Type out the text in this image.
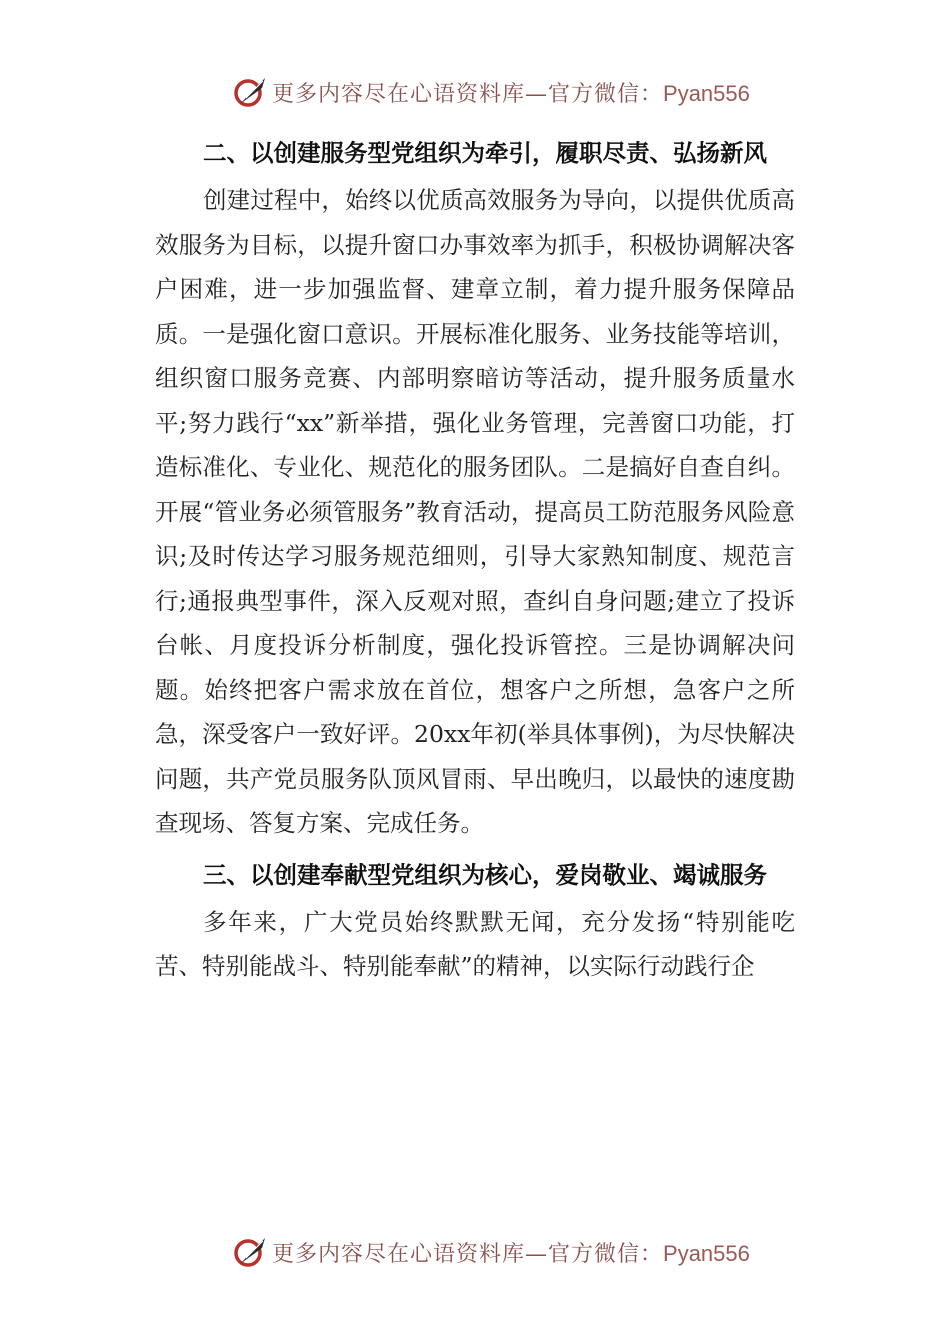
更多内容尽在心语资料库—官方微信：Pyan556
二、以创建服务型党组织为牵引，履职尽责、弘扬新风

创建过程中，始终以优质高效服务为导向，以提供优质高效服务为目标，以提升窗口办事效率为抓手，积极协调解决客户困难，进一步加强监督、建章立制，着力提升服务保障品质。一是强化窗口意识。开展标准化服务、业务技能等培训，组织窗口服务竞赛、内部明察暗访等活动，提升服务质量水平;努力践行“xx”新举措，强化业务管理，完善窗口功能，打造标准化、专业化、规范化的服务团队。二是搞好自查自纠。开展“管业务必须管服务”教育活动，提高员工防范服务风险意识;及时传达学习服务规范细则，引导大家熟知制度、规范言行;通报典型事件，深入反观对照，查纠自身问题;建立了投诉台帐、月度投诉分析制度，强化投诉管控。三是协调解决问题。始终把客户需求放在首位，想客户之所想，急客户之所急，深受客户一致好评。20xx年初(举具体事例)，为尽快解决问题，共产党员服务队顶风冒雨、早出晚归，以最快的速度勘查现场、答复方案、完成任务。

三、以创建奉献型党组织为核心，爱岗敬业、竭诚服务

多年来，广大党员始终默默无闻，充分发扬“特别能吃苦、特别能战斗、特别能奉献”的精神，以实际行动践行企

更多内容尽在心语资料库—官方微信：Pyan556
